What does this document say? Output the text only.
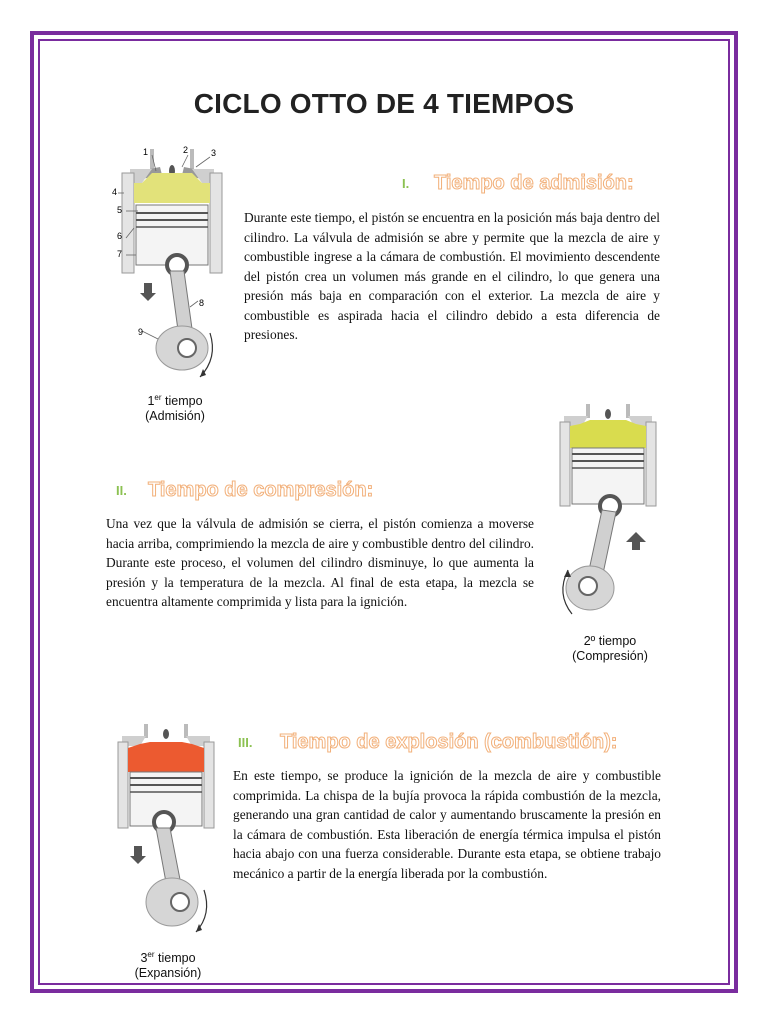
CICLO OTTO DE 4 TIEMPOS
I. Tiempo de admisión:

Durante este tiempo, el pistón se encuentra en la posición más baja dentro del cilindro. La válvula de admisión se abre y permite que la mezcla de aire y combustible ingrese a la cámara de combustión. El movimiento descendente del pistón crea un volumen más grande en el cilindro, lo que genera una presión más baja en comparación con el exterior. La mezcla de aire y combustible es aspirada hacia el cilindro debido a esta diferencia de presiones.

1	2	3
4
5
6
7
8
9
1er tiempo
(Admisión)
II. Tiempo de compresión:

Una vez que la válvula de admisión se cierra, el pistón comienza a moverse hacia arriba, comprimiendo la mezcla de aire y combustible dentro del cilindro. Durante este proceso, el volumen del cilindro disminuye, lo que aumenta la presión y la temperatura de la mezcla. Al final de esta etapa, la mezcla se encuentra altamente comprimida y lista para la ignición.

2º tiempo
(Compresión)
III. Tiempo de explosión (combustión):

En este tiempo, se produce la ignición de la mezcla de aire y combustible comprimida. La chispa de la bujía provoca la rápida combustión de la mezcla, generando una gran cantidad de calor y aumentando bruscamente la presión en la cámara de combustión. Esta liberación de energía térmica impulsa el pistón hacia abajo con una fuerza considerable. Durante esta etapa, se obtiene trabajo mecánico a partir de la energía liberada por la combustión.

3er tiempo
(Expansión)
